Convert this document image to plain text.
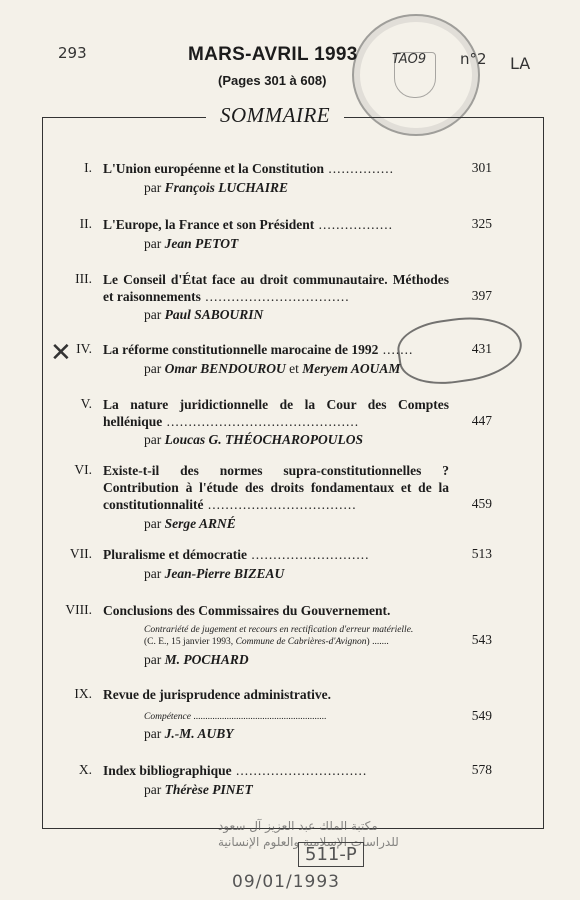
293	TAO9 n°2 LA
MARS-AVRIL 1993
(Pages 301 à 608)
SOMMAIRE
✕
I. L'Union européenne et la Constitution ...............	301
par François LUCHAIRE
II. L'Europe, la France et son Président .................	325
par Jean PETOT
III. Le Conseil d'État face au droit communautaire. Méthodes et raisonnements .................................	397
par Paul SABOURIN
IV. La réforme constitutionnelle marocaine de 1992 .......	431
par Omar BENDOUROU et Meryem AOUAM
V. La nature juridictionnelle de la Cour des Comptes hellénique ............................................	447
par Loucas G. THÉOCHAROPOULOS
VI. Existe-t-il des normes supra-constitutionnelles ? Contribution à l'étude des droits fondamentaux et de la constitutionnalité ..................................	459
par Serge ARNÉ
VII. Pluralisme et démocratie ...........................	513
par Jean-Pierre BIZEAU
VIII. Conclusions des Commissaires du Gouvernement.
Contrariété de jugement et recours en rectification d'erreur matérielle.
(C. E., 15 janvier 1993, Commune de Cabrières-d'Avignon) .......	543
par M. POCHARD
IX. Revue de jurisprudence administrative.
Compétence ........................................................	549
par J.-M. AUBY
X. Index bibliographique ..............................	578
par Thérèse PINET
مكتبة الملك عبد العزيز آل سعود
للدراسات الإسلامية والعلوم الإنسانية
511-P
09/01/1993
